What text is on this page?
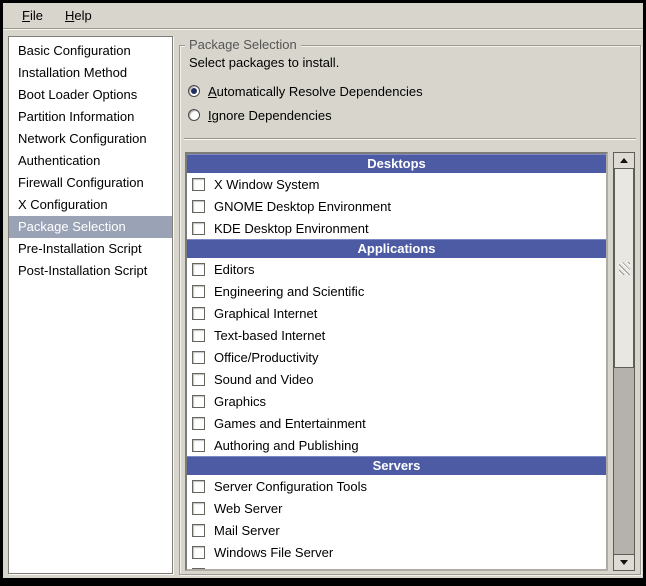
File	Help
Basic Configuration
Installation Method
Boot Loader Options
Partition Information
Network Configuration
Authentication
Firewall Configuration
X Configuration
Package Selection
Pre-Installation Script
Post-Installation Script
Package Selection
Select packages to install.
Automatically Resolve Dependencies
Ignore Dependencies
Desktops
X Window System
GNOME Desktop Environment
KDE Desktop Environment
Applications
Editors
Engineering and Scientific
Graphical Internet
Text-based Internet
Office/Productivity
Sound and Video
Graphics
Games and Entertainment
Authoring and Publishing
Servers
Server Configuration Tools
Web Server
Mail Server
Windows File Server
